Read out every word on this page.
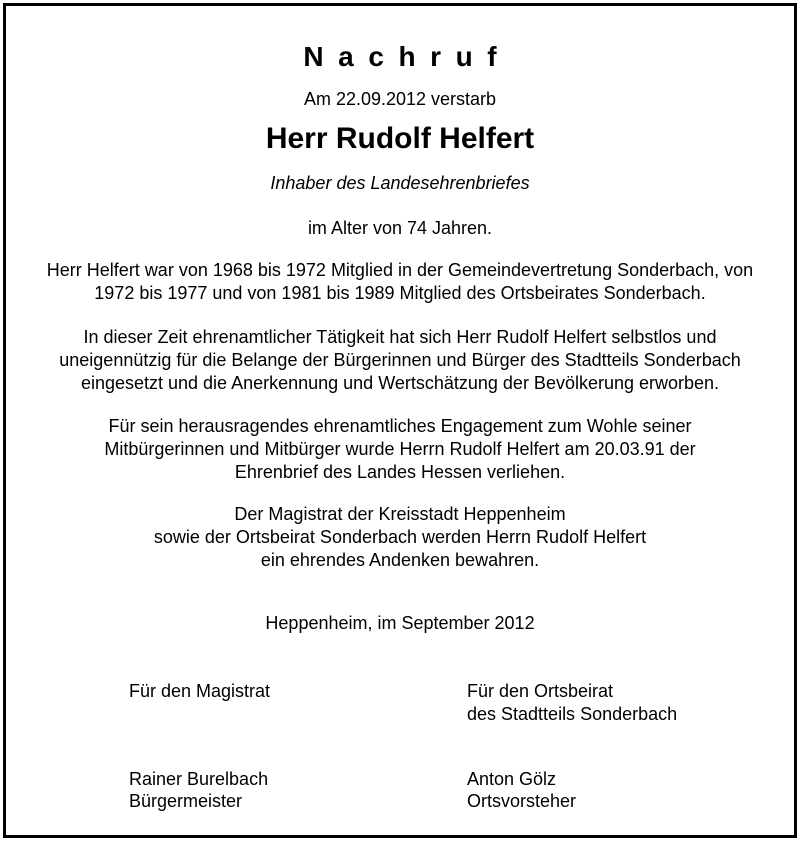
Nachruf
Am 22.09.2012 verstarb
Herr Rudolf Helfert
Inhaber des Landesehrenbriefes
im Alter von 74 Jahren.
Herr Helfert war von 1968 bis 1972 Mitglied in der Gemeindevertretung Sonderbach, von
1972 bis 1977 und von 1981 bis 1989 Mitglied des Ortsbeirates Sonderbach.
In dieser Zeit ehrenamtlicher Tätigkeit hat sich Herr Rudolf Helfert selbstlos und
uneigennützig für die Belange der Bürgerinnen und Bürger des Stadtteils Sonderbach
eingesetzt und die Anerkennung und Wertschätzung der Bevölkerung erworben.
Für sein herausragendes ehrenamtliches Engagement zum Wohle seiner
Mitbürgerinnen und Mitbürger wurde Herrn Rudolf Helfert am 20.03.91 der
Ehrenbrief des Landes Hessen verliehen.
Der Magistrat der Kreisstadt Heppenheim
sowie der Ortsbeirat Sonderbach werden Herrn Rudolf Helfert
ein ehrendes Andenken bewahren.
Heppenheim, im September 2012
Für den Magistrat	Für den Ortsbeirat
des Stadtteils Sonderbach
Rainer Burelbach
Bürgermeister
Anton Gölz
Ortsvorsteher
